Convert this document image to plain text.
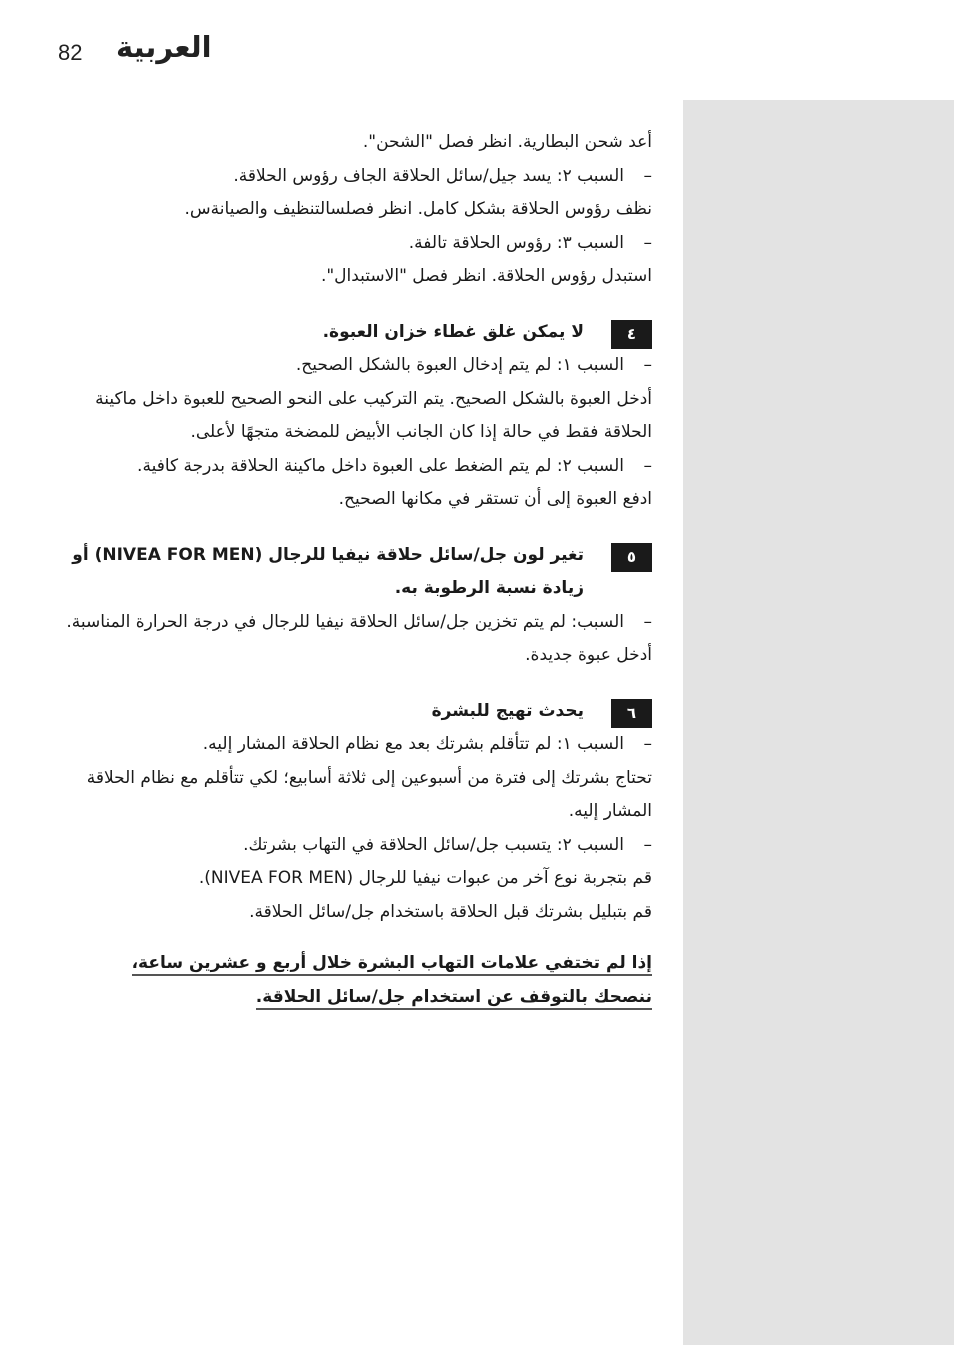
82 العربية

أعد شحن البطارية. انظر فصل "الشحن".

– السبب ٢: يسد جيل/سائل الحلاقة الجاف رؤوس الحلاقة.

نظف رؤوس الحلاقة بشكل كامل. انظر فصلسالتنظيف والصيانةس.

– السبب ٣: رؤوس الحلاقة تالفة.

استبدل رؤوس الحلاقة. انظر فصل "الاستبدال".

٤
لا يمكن غلق غطاء خزان العبوة.

– السبب ١: لم يتم إدخال العبوة بالشكل الصحيح.

أدخل العبوة بالشكل الصحيح. يتم التركيب على النحو الصحيح للعبوة داخل ماكينة الحلاقة فقط في حالة إذا كان الجانب الأبيض للمضخة متجهًا لأعلى.

– السبب ٢: لم يتم الضغط على العبوة داخل ماكينة الحلاقة بدرجة كافية.

ادفع العبوة إلى أن تستقر في مكانها الصحيح.

٥
تغير لون جل/سائل حلاقة نيفيا للرجال (NIVEA FOR MEN) أو زيادة نسبة الرطوبة به.

– السبب: لم يتم تخزين جل/سائل الحلاقة نيفيا للرجال في درجة الحرارة المناسبة.

أدخل عبوة جديدة.

٦
يحدث تهيج للبشرة

– السبب ١: لم تتأقلم بشرتك بعد مع نظام الحلاقة المشار إليه.

تحتاج بشرتك إلى فترة من أسبوعين إلى ثلاثة أسابيع؛ لكي تتأقلم مع نظام الحلاقة المشار إليه.

– السبب ٢: يتسبب جل/سائل الحلاقة في التهاب بشرتك.

قم بتجربة نوع آخر من عبوات نيفيا للرجال (NIVEA FOR MEN).

قم بتبليل بشرتك قبل الحلاقة باستخدام جل/سائل الحلاقة.

إذا لم تختفي علامات التهاب البشرة خلال أربع و عشرين ساعة،
ننصحك بالتوقف عن استخدام جل/سائل الحلاقة.
